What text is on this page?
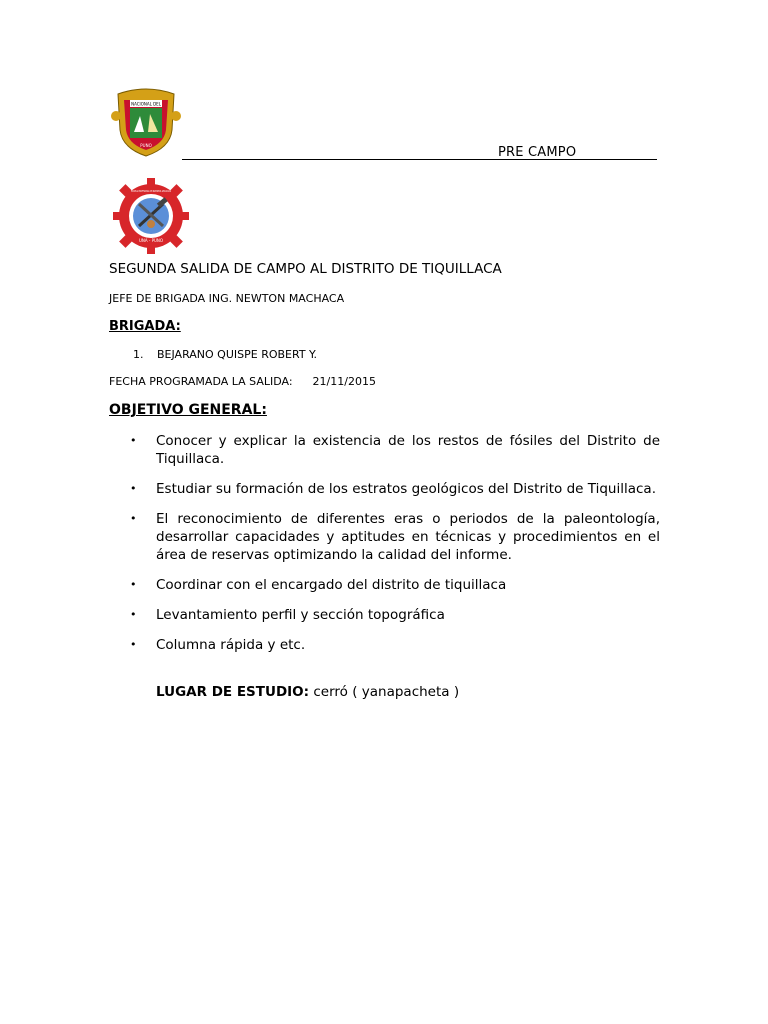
NACIONAL DEL
PUNO	PRE CAMPO
UNA - PUNO
ESCUELA PROFESIONAL DE INGENIERIA GEOLOGICA
SEGUNDA SALIDA DE CAMPO AL DISTRITO DE TIQUILLACA
JEFE DE BRIGADA ING. NEWTON MACHACA
BRIGADA:
1. BEJARANO QUISPE ROBERT Y.
FECHA PROGRAMADA LA SALIDA: 21/11/2015
OBJETIVO GENERAL:
•	Conocer y explicar la existencia de los restos de fósiles del Distrito de Tiquillaca.
•	Estudiar su formación de los estratos geológicos del Distrito de Tiquillaca.
•	El reconocimiento de diferentes eras o periodos de la paleontología, desarrollar capacidades y aptitudes en técnicas y procedimientos en el área de reservas optimizando la calidad del informe.
•	Coordinar con el encargado del distrito de tiquillaca
•	Levantamiento perfil y sección topográfica
•	Columna rápida y etc.
LUGAR DE ESTUDIO: cerró ( yanapacheta )
